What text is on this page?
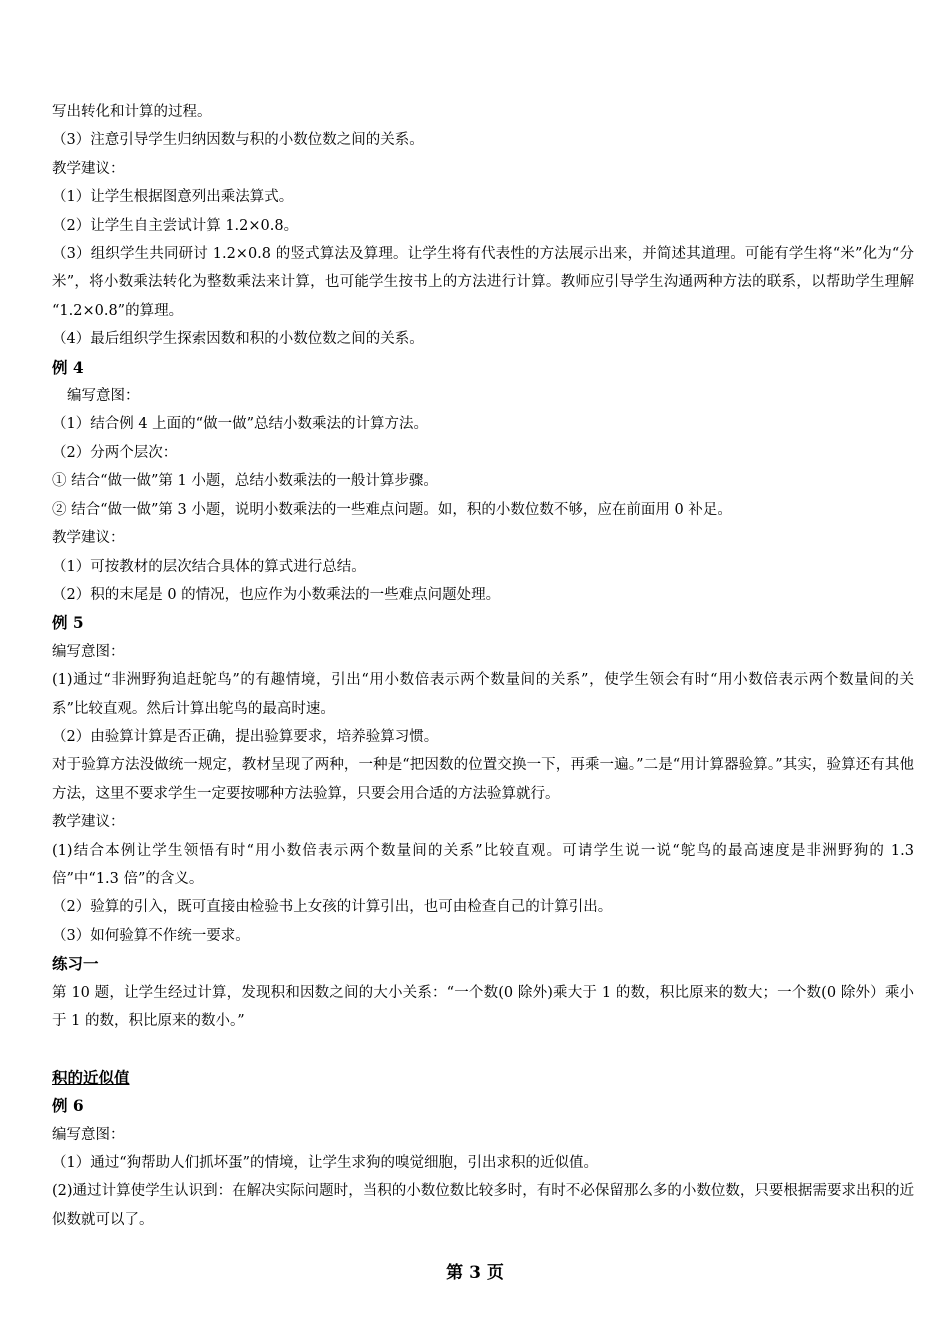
写出转化和计算的过程。
（3）注意引导学生归纳因数与积的小数位数之间的关系。
教学建议：
（1）让学生根据图意列出乘法算式。
（2）让学生自主尝试计算 1.2×0.8。
（3）组织学生共同研讨 1.2×0.8 的竖式算法及算理。让学生将有代表性的方法展示出来，并简述其道理。可能有学生将“米”化为“分米”，将小数乘法转化为整数乘法来计算，也可能学生按书上的方法进行计算。教师应引导学生沟通两种方法的联系，以帮助学生理解 “1.2×0.8”的算理。
（4）最后组织学生探索因数和积的小数位数之间的关系。
例 4
编写意图：
（1）结合例 4 上面的“做一做”总结小数乘法的计算方法。
（2）分两个层次：
① 结合“做一做”第 1 小题，总结小数乘法的一般计算步骤。
② 结合“做一做”第 3 小题，说明小数乘法的一些难点问题。如，积的小数位数不够，应在前面用 0 补足。
教学建议：
（1）可按教材的层次结合具体的算式进行总结。
（2）积的末尾是 0 的情况，也应作为小数乘法的一些难点问题处理。
例 5
编写意图：
(1)通过“非洲野狗追赶鸵鸟”的有趣情境，引出“用小数倍表示两个数量间的关系”，使学生领会有时“用小数倍表示两个数量间的关系”比较直观。然后计算出鸵鸟的最高时速。
（2）由验算计算是否正确，提出验算要求，培养验算习惯。
对于验算方法没做统一规定，教材呈现了两种，一种是“把因数的位置交换一下，再乘一遍。”二是“用计算器验算。”其实，验算还有其他方法，这里不要求学生一定要按哪种方法验算，只要会用合适的方法验算就行。
教学建议：
(1)结合本例让学生领悟有时“用小数倍表示两个数量间的关系”比较直观。可请学生说一说“鸵鸟的最高速度是非洲野狗的 1.3 倍”中“1.3 倍”的含义。
（2）验算的引入，既可直接由检验书上女孩的计算引出，也可由检查自己的计算引出。
（3）如何验算不作统一要求。
练习一
第 10 题，让学生经过计算，发现积和因数之间的大小关系：“一个数(0 除外)乘大于 1 的数，积比原来的数大；一个数(0 除外）乘小于 1 的数，积比原来的数小。”
积的近似值
例 6
编写意图：
（1）通过“狗帮助人们抓坏蛋”的情境，让学生求狗的嗅觉细胞，引出求积的近似值。
(2)通过计算使学生认识到：在解决实际问题时，当积的小数位数比较多时，有时不必保留那么多的小数位数，只要根据需要求出积的近似数就可以了。
第 3 页
